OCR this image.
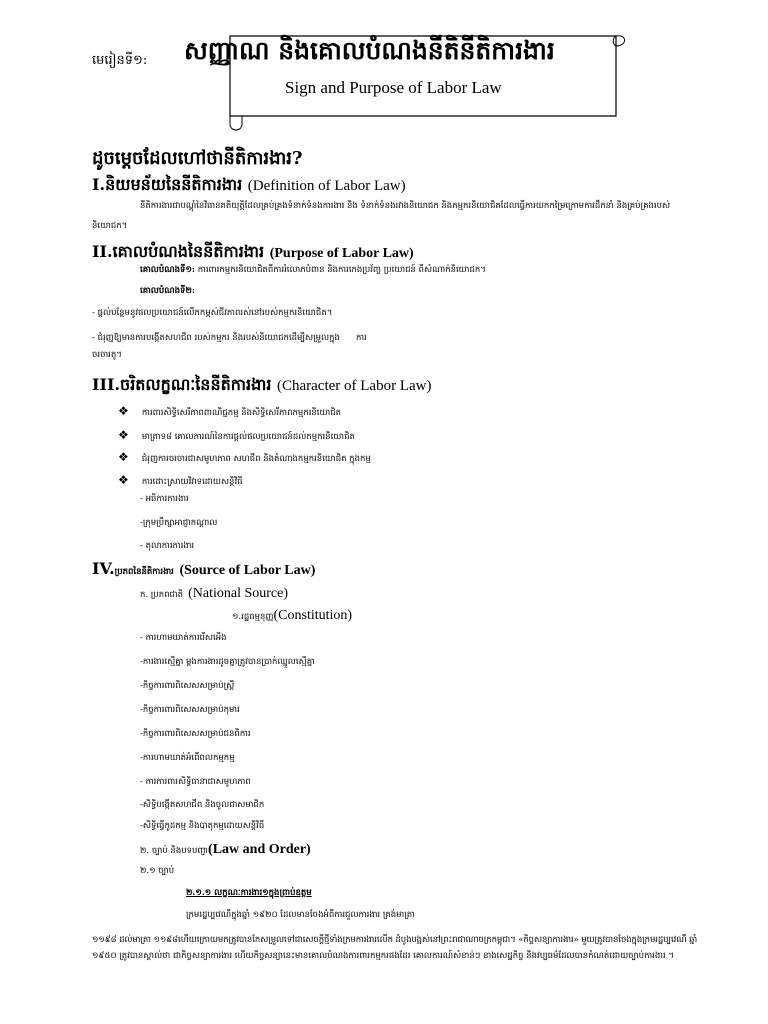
មេរៀនទី១: សញ្ញាណ និងគោលបំណងនីតិនីតិការងារ
Sign and Purpose of Labor Law
ដូចម្ដេចដែលហៅថានីតិការងារ?
I.និយមន័យនៃនីតិការងារ (Definition of Labor Law)
នីតិការងារជាបណ្ដុំនៃវិធានគតិយុត្តិដែលគ្រប់គ្រងទំនាក់ទំនងការងារ និង ទំនាក់ទំនងរវាងនិយោជក និងកម្មករនិយោជិតដែលធ្វើការយកកម្រៃក្រោមការដឹកនាំ និងគ្រប់គ្រងរបស់
និយោជក។
II.គោលបំណងនៃនីតិការងារ (Purpose of Labor Law)
គោលបំណងទី១: ការពារកម្មករនិយោជិតពីការរំលោភបំពាន និងការកេងប្រវ័ញ្ច ប្រយោជន៍ ពីសំណាក់និយោជក។
គោលបំណងទី២:
- ផ្ដល់បន្ថែមនូវផលប្រយោជន៍លើកកម្ពស់ជីវភាពរស់នៅរបស់កម្មករនិយោជិត។
- ជំរុញឱ្យមានការបង្កើតសហជីព របស់កម្មករ និងរបស់និយោជកដើម្បីសម្រួលក្នុង ការ
ចរចារតូ។
III.ចរិតលក្ខណៈនៃនីតិការងារ (Character of Labor Law)
❖ ការពារសិទ្ធិសេរីភាពពាណិជ្ជកម្ម និងសិទ្ធិសេរីភាពកម្មករនិយោជិត
❖ មាត្រាទ៨ គោលការណ៍នៃការផ្ដល់ផលប្រយោជន៍ដល់កម្មករនិយោជិត
❖ ជំរុញការចរចារជាសមូហភាព សហជីព និងតំណាងកម្មករនិយោជិត ក្នុងកម្ម
❖ ការដោះស្រាយវិវាទដោយសន្តិវិធី
- អធិការការងារ
-ក្រុមប្រឹក្សាអាជ្ញាកណ្ដាល
- តុលាការការងារ
IV.ប្រភពនៃនីតិការងារ (Source of Labor Law)
ក. ប្រភពជាតិ (National Source)
១.រដ្ឋធម្មនុញ្ញ(Constitution)
- ការហាមឃាត់ការរើសអើង
-ការងារស្មើគ្នា ម្ដងការងារដូចគ្នាត្រូវបានប្រាក់ឈ្នួលស្មើគ្នា
-កិច្ចការពារពិសេសសម្រាប់ស្ត្រី
-កិច្ចការពារពិសេសសម្រាប់កុមារ
-កិច្ចការពារពិសេសសម្រាប់ជនពិការ
-ការហាមឃាត់អំពើពលកម្មកម្ម
- ការការពារសិទ្ធិធានាជាសមូហភាព
-សិទ្ធិបង្កើតសហជីព និងចូលជាសមាជិក
-សិទ្ធិធ្វើកូដកម្ម និងបាតុកម្មដោយសន្តិវិធី
២. ច្បាប់ និងបទបញ្ជា(Law and Order)
២.១ ច្បាប់
២.១.១ លក្ខណៈការងារ១ក្នុងព្រាប់ឧត្តម
ក្រមរដ្ឋប្បវេណីក្នុងឆ្នាំ ១៩២០ ដែលមានចែងអំពីការជួលការងារ គ្រង់មាត្រា
១១៩៨ ដល់មាត្រា ១១៩៨ហើយក្រោយមកត្រូវបានកែសម្រួលទៅជាសេចក្ដីថ្មីទាំងក្រមការងារលើក ដំបូងបង្អស់នៅព្រះរាជាណាចក្រកម្ពុជា។ «កិច្ចសន្យាការងារ» មួយត្រូវបានចែងក្នុងក្រមរដ្ឋប្បវេណី ឆ្នាំ
១៩៥០ ត្រូវបានស្គាល់ថា ជាកិច្ចសន្យាការងារ ហើយកិច្ចសន្យានេះមានគោលបំណងការពារកម្មករផងដែរ គោលការណ៍សំខាន់ៗ ខាងសេដ្ឋកិច្ច និងវប្បធម៌ដែលបានកំណត់ដោយច្បាប់ការងារ ។
